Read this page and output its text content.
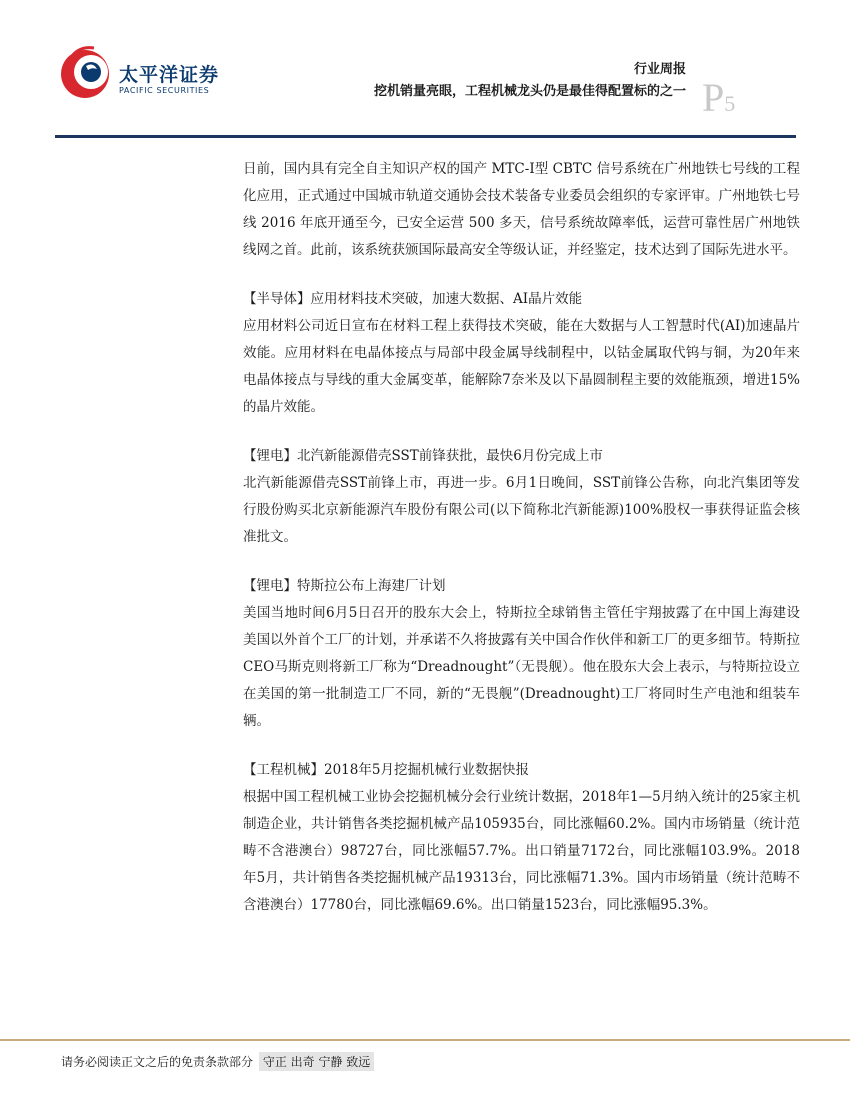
太平洋证券
PACIFIC SECURITIES
行业周报
挖机销量亮眼，工程机械龙头仍是最佳得配置标的之一 P5

日前，国内具有完全自主知识产权的国产 MTC-Ⅰ型 CBTC 信号系统在广州地铁七号线的工程化应用，正式通过中国城市轨道交通协会技术装备专业委员会组织的专家评审。广州地铁七号线 2016 年底开通至今，已安全运营 500 多天，信号系统故障率低，运营可靠性居广州地铁线网之首。此前，该系统获颁国际最高安全等级认证，并经鉴定，技术达到了国际先进水平。

【半导体】应用材料技术突破，加速大数据、AI晶片效能

应用材料公司近日宣布在材料工程上获得技术突破，能在大数据与人工智慧时代(AI)加速晶片效能。应用材料在电晶体接点与局部中段金属导线制程中，以钴金属取代钨与铜，为20年来电晶体接点与导线的重大金属变革，能解除7奈米及以下晶圆制程主要的效能瓶颈，增进15%的晶片效能。

【锂电】北汽新能源借壳SST前锋获批，最快6月份完成上市

北汽新能源借壳SST前锋上市，再进一步。6月1日晚间，SST前锋公告称，向北汽集团等发行股份购买北京新能源汽车股份有限公司(以下简称北汽新能源)100%股权一事获得证监会核准批文。

【锂电】特斯拉公布上海建厂计划

美国当地时间6月5日召开的股东大会上，特斯拉全球销售主管任宇翔披露了在中国上海建设美国以外首个工厂的计划，并承诺不久将披露有关中国合作伙伴和新工厂的更多细节。特斯拉CEO马斯克则将新工厂称为“Dreadnought”（无畏舰）。他在股东大会上表示，与特斯拉设立在美国的第一批制造工厂不同，新的“无畏舰”(Dreadnought)工厂将同时生产电池和组装车辆。

【工程机械】2018年5月挖掘机械行业数据快报

根据中国工程机械工业协会挖掘机械分会行业统计数据，2018年1—5月纳入统计的25家主机制造企业，共计销售各类挖掘机械产品105935台，同比涨幅60.2%。国内市场销量（统计范畴不含港澳台）98727台，同比涨幅57.7%。出口销量7172台，同比涨幅103.9%。2018年5月，共计销售各类挖掘机械产品19313台，同比涨幅71.3%。国内市场销量（统计范畴不含港澳台）17780台，同比涨幅69.6%。出口销量1523台，同比涨幅95.3%。

请务必阅读正文之后的免责条款部分 守正 出奇 宁静 致远
